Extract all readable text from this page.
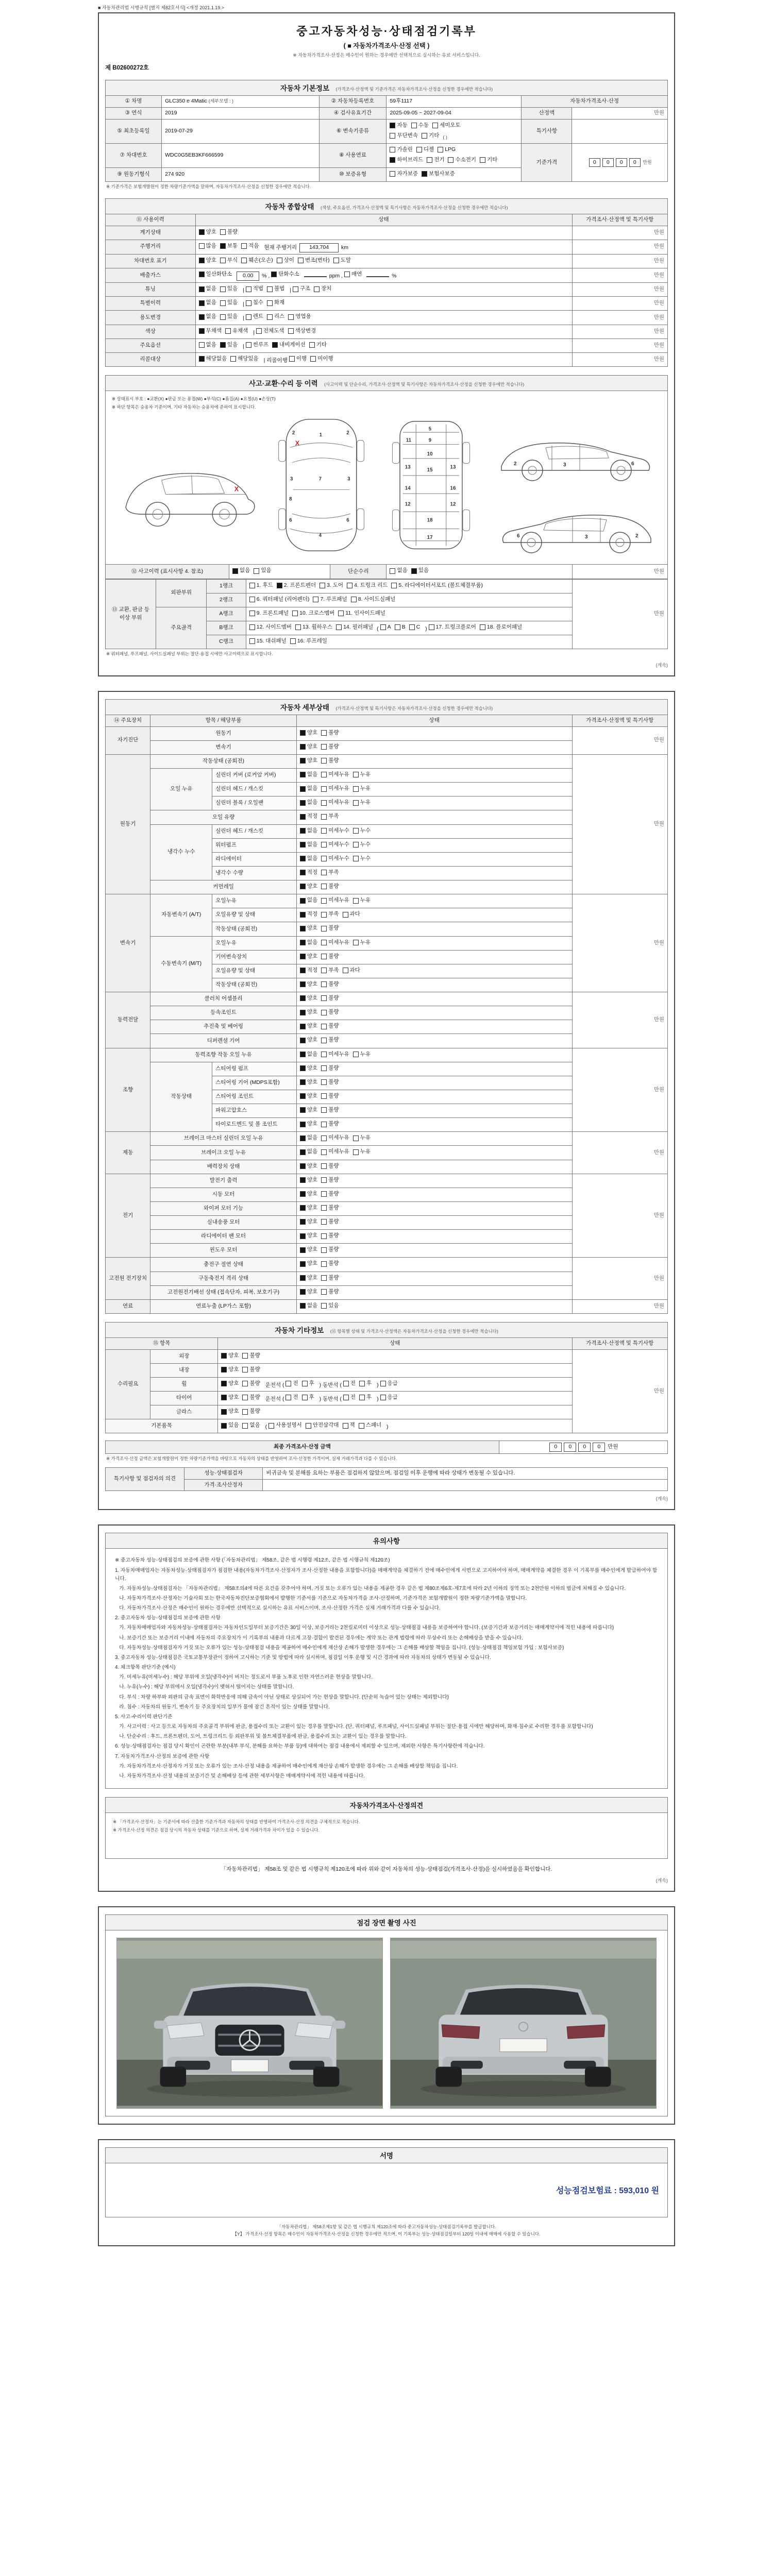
■ 자동차관리법 시행규칙 [별지 제82호서식] <개정 2021.1.19.>
중고자동차성능·상태점검기록부
( ■ 자동차가격조사·산정 선택 )
※ 자동차가격조사·산정은 매수인이 원하는 경우에만 선택적으로 실시하는 유료 서비스입니다.
제 B02600272호
자동차 기본정보 (가격조사·산정액 및 기준가격은 자동차가격조사·산정을 신청한 경우에만 적습니다)
① 차명	GLC350 e 4Matic (세부모델 : )	② 자동차등록번호	59후1117	자동차가격조사·산정	
③ 연식	2019	④ 검사유효기간	2025-09-05 ~ 2027-09-04	산정액	만원
⑤ 최초등록일	2019-07-29	⑥ 변속기종류	
자동 수동 세미오토

무단변속 기타 ( )	특기사항	
⑦ 차대번호	WDC0G5EB3KF666599	⑧ 사용연료	
가솔린 디젤 LPG

하이브리드 전기 수소전기 기타	기준가격	0 0 0 0 만원
⑨ 원동기형식	274 920	⑩ 보증유형	자가보증 보험사보증		
※ 기준가격은 보험개발원이 정한 차량기준가액을 말하며, 자동차가격조사·산정을 신청한 경우에만 적습니다.
자동차 종합상태 (색상, 주요옵션, 가격조사·산정액 및 특기사항은 자동차가격조사·산정을 신청한 경우에만 적습니다)
⑪ 사용이력	상태	가격조사·산정액 및 특기사항
계기상태	양호 불량	만원
주행거리	많음 보통 적음 현재 주행거리 143,704 km	만원
차대번호 표기	양호 부식 훼손(오손) 상이 변조(변타) 도말	만원
배출가스	일산화탄소 0.00 % , 탄화수소	ppm , 매연	%	만원
튜닝	없음 있음 | 적법 불법 | 구조 장치	만원
특별이력	없음 있음 | 침수 화재	만원
용도변경	없음 있음 | 렌트 리스 영업용	만원
색상	무채색 유채색 | 전체도색 색상변경	만원
주요옵션	없음 있음 | 썬루프 내비게이션 기타	만원
리콜대상	해당없음 해당있음 | 리콜이행 이행 미이행	만원
사고·교환·수리 등 이력 (사고이력 및 단순수리, 가격조사·산정액 및 특기사항은 자동차가격조사·산정을 신청한 경우에만 적습니다)
※ 상태표시 부호 : ●교환(X) ●판금 또는 용접(W) ●부식(C) ●흠집(A) ●요철(U) ●손상(T)
※ 하단 항목은 승용차 기준이며, 기타 자동차는 승용차에 준하여 표시합니다.
X
1
2	2
3	3
7
6	6
4
8
X
5
9
10
11
13	13
15
14	16
12	12
18
17
2	3	6
2
3
6
⑫ 사고이력 (표시사항 4. 참조)	없음 있음	단순수리	없음 있음	만원
⑬ 교환, 판금 등 이상 부위	외판부위	1랭크	1. 후드 2. 프론트펜더 3. 도어 4. 트렁크 리드 5. 라디에이터서포트 (볼트체결부품)	만원
		2랭크	6. 쿼터패널 (리어펜더) 7. 루프패널 8. 사이드실패널	

	주요골격	A랭크	9. 프론트패널 10. 크로스멤버 11. 인사이드패널	

B랭크	12. 사이드멤버 13. 휠하우스 14. 필러패널 ( A B C ) 17. 트렁크플로어 18. 플로어패널

		C랭크	15. 대쉬패널 16. 루프레일	
※ 쿼터패널, 루프패널, 사이드실패널 부위는 절단·용접 시에만 사고이력으로 표시합니다.
(계속)
자동차 세부상태 (가격조사·산정액 및 특기사항은 자동차가격조사·산정을 신청한 경우에만 적습니다)
⑭ 주요장치	항목 / 해당부품		상태	가격조사·산정액 및 특기사항
자기진단	원동기		양호 불량	만원
	변속기		양호 불량	

원동기	작동상태 (공회전)		양호 불량	만원
	오일 누유	실린더 커버 (로커암 커버)	없음 미세누유 누유	

		실린더 헤드 / 개스킷	없음 미세누유 누유	

		실린더 블록 / 오일팬	없음 미세누유 누유	

	오일 유량		적정 부족	

	냉각수 누수	실린더 헤드 / 개스킷	없음 미세누수 누수	

		워터펌프	없음 미세누수 누수	

		라디에이터	없음 미세누수 누수	

		냉각수 수량	적정 부족	

	커먼레일		양호 불량	

변속기	자동변속기 (A/T)	오일누유	없음 미세누유 누유	만원
		오일유량 및 상태	적정 부족 과다	

		작동상태 (공회전)	양호 불량	

	수동변속기 (M/T)	오일누유	없음 미세누유 누유	

		기어변속장치	양호 불량	

		오일유량 및 상태	적정 부족 과다	

		작동상태 (공회전)	양호 불량	

동력전달	클러치 어셈블리		양호 불량	만원
	등속조인트		양호 불량	

	추진축 및 베어링		양호 불량	

	디퍼렌셜 기어		양호 불량	

조향	동력조향 작동 오일 누유		없음 미세누유 누유	만원
	작동상태	스티어링 펌프	양호 불량	

		스티어링 기어 (MDPS포함)	양호 불량	

		스티어링 조인트	양호 불량	

		파워고압호스	양호 불량	

		타이로드엔드 및 볼 조인트	양호 불량	

제동	브레이크 마스터 실린더 오일 누유		없음 미세누유 누유	만원
	브레이크 오일 누유		없음 미세누유 누유	

	배력장치 상태		양호 불량	

전기	발전기 출력		양호 불량	만원
	시동 모터		양호 불량	

	와이퍼 모터 기능		양호 불량	

	실내송풍 모터		양호 불량	

	라디에이터 팬 모터		양호 불량	

	윈도우 모터		양호 불량	

고전원 전기장치	충전구 절연 상태		양호 불량	만원
	구동축전지 격리 상태		양호 불량	

	고전원전기배선 상태 (접속단자, 피복, 보호기구)		양호 불량	

연료	연료누출 (LP가스 포함)		없음 있음	만원
자동차 기타정보 (⑮ 항목별 상태 및 가격조사·산정액은 자동차가격조사·산정을 신청한 경우에만 적습니다)
⑮ 항목		상태	가격조사·산정액 및 특기사항
수리필요	외장	양호 불량	만원
	내장	양호 불량	

휠	양호 불량 운전석 ( 전 후 ) 동반석 ( 전 후 ) 응급

타이어	양호 불량 운전석 ( 전 후 ) 동반석 ( 전 후 ) 응급

	글라스	양호 불량	

기본품목	있음 없음 ( 사용설명서 안전삼각대 잭 스패너 )
최종 가격조사·산정 금액	0 0 0 0 만원
※ 가격조사·산정 금액은 보험개발원이 정한 차량기준가액을 바탕으로 자동차의 상태를 반영하여 조사·산정한 가격이며, 실제 거래가격과 다를 수 있습니다.
특기사항 및 점검자의 의견	성능·상태점검자	비귀금속 및 분해를 요하는 부품은 점검하지 않았으며, 점검일 이후 운행에 따라 상태가 변동될 수 있습니다.
	가격·조사산정자	
(계속)
유의사항
※ 중고자동차 성능·상태점검의 보증에 관한 사항 (「자동차관리법」 제58조, 같은 법 시행령 제12조, 같은 법 시행규칙 제120조)
1. 자동차매매업자는 자동차성능·상태점검자가 점검한 내용(자동차가격조사·산정자가 조사·산정한 내용을 포함합니다)을 매매계약을 체결하기 전에 매수인에게 서면으로 고지하여야 하며, 매매계약을 체결한 경우 이 기록부를 매수인에게 발급하여야 합니다.
가. 자동차성능·상태점검자는 「자동차관리법」 제58조의4에 따른 요건을 갖추어야 하며, 거짓 또는 오류가 있는 내용을 제공한 경우 같은 법 제80조제6호·제7호에 따라 2년 이하의 징역 또는 2천만원 이하의 벌금에 처해질 수 있습니다.
나. 자동차가격조사·산정자는 기술사회 또는 한국자동차진단보증협회에서 발행한 기준서를 기준으로 자동차가격을 조사·산정하며, 기준가격은 보험개발원이 정한 차량기준가액을 말합니다.
다. 자동차가격조사·산정은 매수인이 원하는 경우에만 선택적으로 실시하는 유료 서비스이며, 조사·산정한 가격은 실제 거래가격과 다를 수 있습니다.
2. 중고자동차 성능·상태점검의 보증에 관한 사항
가. 자동차매매업자와 자동차성능·상태점검자는 자동차인도일부터 보증기간은 30일 이상, 보증거리는 2천킬로미터 이상으로 성능·상태점검 내용을 보증하여야 합니다. (보증기간과 보증거리는 매매계약서에 적힌 내용에 따릅니다)
나. 보증기간 또는 보증거리 이내에 자동차의 주요장치가 이 기록부의 내용과 다르게 고장·결함이 발견된 경우에는 계약 또는 관계 법령에 따라 무상수리 또는 손해배상을 받을 수 있습니다.
다. 자동차성능·상태점검자가 거짓 또는 오류가 있는 성능·상태점검 내용을 제공하여 매수인에게 재산상 손해가 발생한 경우에는 그 손해를 배상할 책임을 집니다. (성능·상태점검 책임보험 가입 : 보험사보증)
3. 중고자동차 성능·상태점검은 국토교통부장관이 정하여 고시하는 기준 및 방법에 따라 실시하며, 점검일 이후 운행 및 시간 경과에 따라 자동차의 상태가 변동될 수 있습니다.
4. 체크항목 판단기준 (예시)
가. 미세누유(미세누수) : 해당 부위에 오일(냉각수)이 비치는 정도로서 부품 노후로 인한 자연스러운 현상을 말합니다.
나. 누유(누수) : 해당 부위에서 오일(냉각수)이 맺혀서 떨어지는 상태를 말합니다.
다. 부식 : 차량 하부와 외판의 금속 표면이 화학반응에 의해 금속이 아닌 상태로 상실되어 가는 현상을 말합니다. (단순히 녹슬어 있는 상태는 제외합니다)
라. 침수 : 자동차의 원동기, 변속기 등 주요장치의 일부가 물에 잠긴 흔적이 있는 상태를 말합니다.
5. 사고·수리이력 판단기준
가. 사고이력 : 사고 등으로 자동차의 주요골격 부위에 판금, 용접수리 또는 교환이 있는 경우를 말합니다. (단, 쿼터패널, 루프패널, 사이드실패널 부위는 절단·용접 시에만 해당하며, 화재·침수로 수리한 경우를 포함합니다)
나. 단순수리 : 후드, 프론트펜더, 도어, 트렁크리드 등 외판부위 및 볼트체결부품에 판금, 용접수리 또는 교환이 있는 경우를 말합니다.
6. 성능·상태점검자는 점검 당시 확인이 곤란한 부분(내부 부식, 분해를 요하는 부품 등)에 대하여는 점검 내용에서 제외할 수 있으며, 제외한 사항은 특기사항란에 적습니다.
7. 자동차가격조사·산정의 보증에 관한 사항
가. 자동차가격조사·산정자가 거짓 또는 오류가 있는 조사·산정 내용을 제공하여 매수인에게 재산상 손해가 발생한 경우에는 그 손해를 배상할 책임을 집니다.
나. 자동차가격조사·산정 내용의 보증기간 및 손해배상 등에 관한 세부사항은 매매계약서에 적힌 내용에 따릅니다.
자동차가격조사·산정의견
※ 「가격조사·산정자」는 기준서에 따라 산출한 기준가격과 자동차의 상태를 반영하여 가격조사·산정 의견을 구체적으로 적습니다.
※ 가격조사·산정 의견은 점검 당시의 자동차 상태를 기준으로 하며, 실제 거래가격과 차이가 있을 수 있습니다.
「자동차관리법」 제58조 및 같은 법 시행규칙 제120조에 따라 위와 같이 자동차의 성능·상태점검(가격조사·산정)을 실시하였음을 확인합니다.
(계속)
점검 장면 촬영 사진
서명
성능점검보험료 : 593,010 원
「자동차관리법」 제58조제1항 및 같은 법 시행규칙 제120조에 따라 중고자동차성능·상태점검기록부를 발급합니다.
【Y】 가격조사·산정 항목은 매수인이 자동차가격조사·산정을 신청한 경우에만 적으며, 이 기록부는 성능·상태점검일부터 120일 이내에 매매에 사용할 수 있습니다.
